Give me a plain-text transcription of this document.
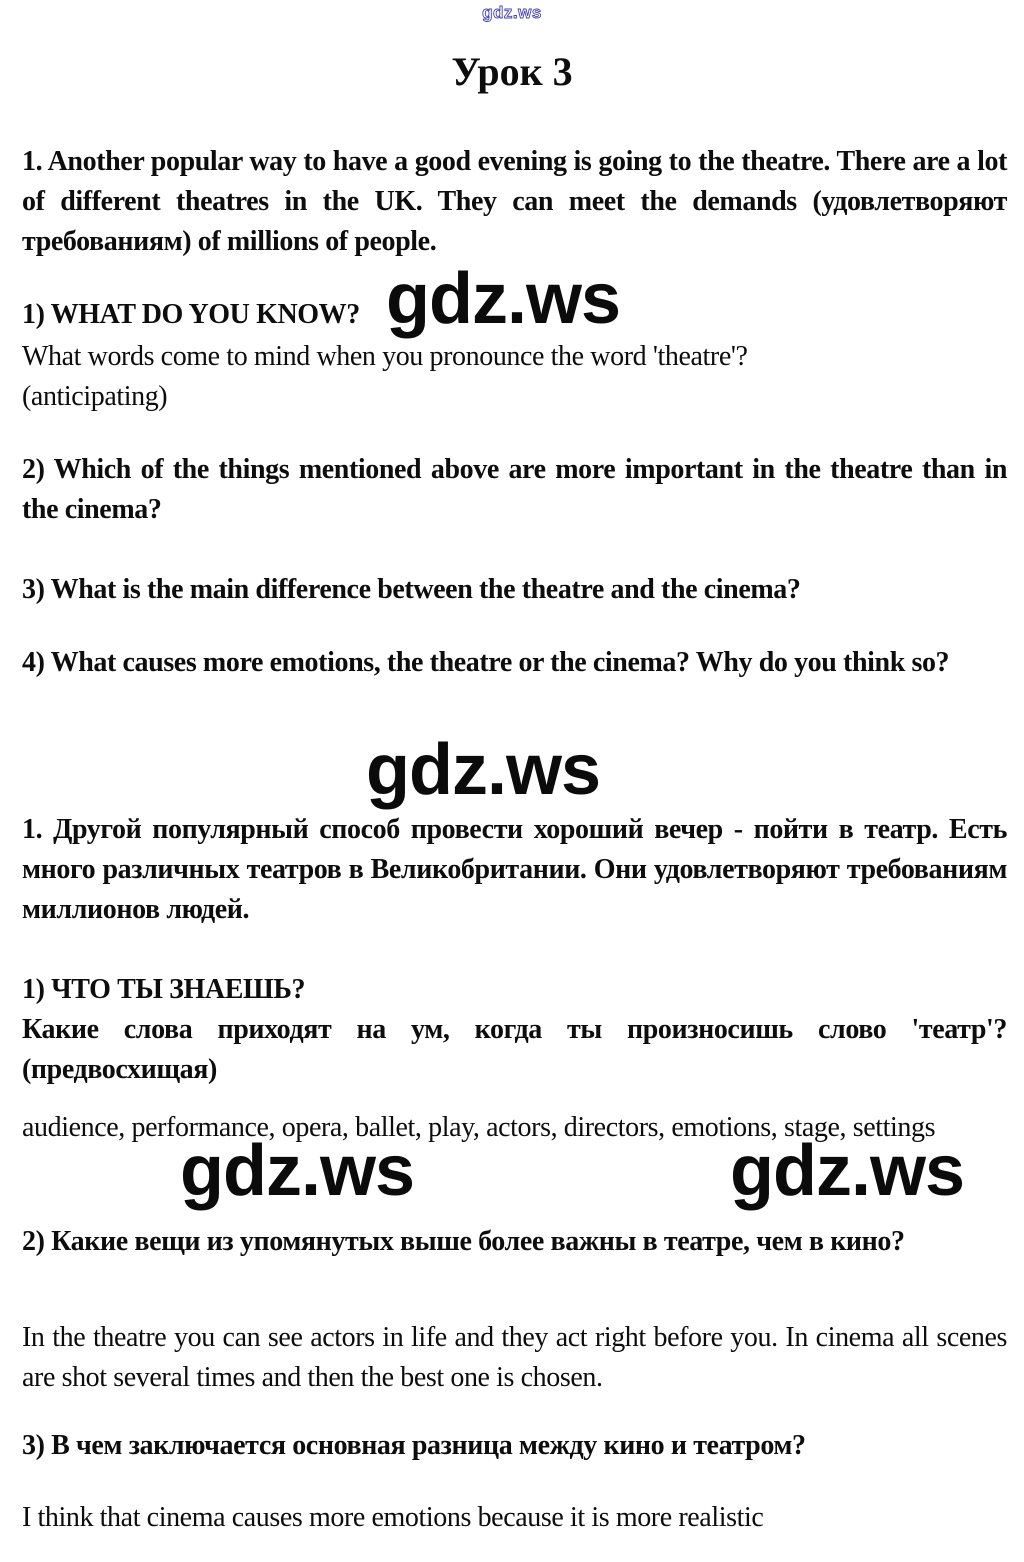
gdz.ws
Урок 3
1. Another popular way to have a good evening is going to the theatre. There are a lot of different theatres in the UK. They can meet the demands (удовлетворяют требованиям) of millions of people.
1) WHAT DO YOU KNOW? gdz.ws
What words come to mind when you pronounce the word 'theatre'?
(anticipating)
2) Which of the things mentioned above are more important in the theatre than in the cinema?
3) What is the main difference between the theatre and the cinema?
4) What causes more emotions, the theatre or the cinema? Why do you think so?
gdz.ws
1. Другой популярный способ провести хороший вечер - пойти в театр. Есть много различных театров в Великобритании. Они удовлетворяют требованиям миллионов людей.
1) ЧТО ТЫ ЗНАЕШЬ?
Какие слова приходят на ум, когда ты произносишь слово 'театр'? (предвосхищая)
audience, performance, opera, ballet, play, actors, directors, emotions, stage, settings
gdz.ws	gdz.ws
2) Какие вещи из упомянутых выше более важны в театре, чем в кино?
In the theatre you can see actors in life and they act right before you. In cinema all scenes are shot several times and then the best one is chosen.
3) В чем заключается основная разница между кино и театром?
I think that cinema causes more emotions because it is more realistic
